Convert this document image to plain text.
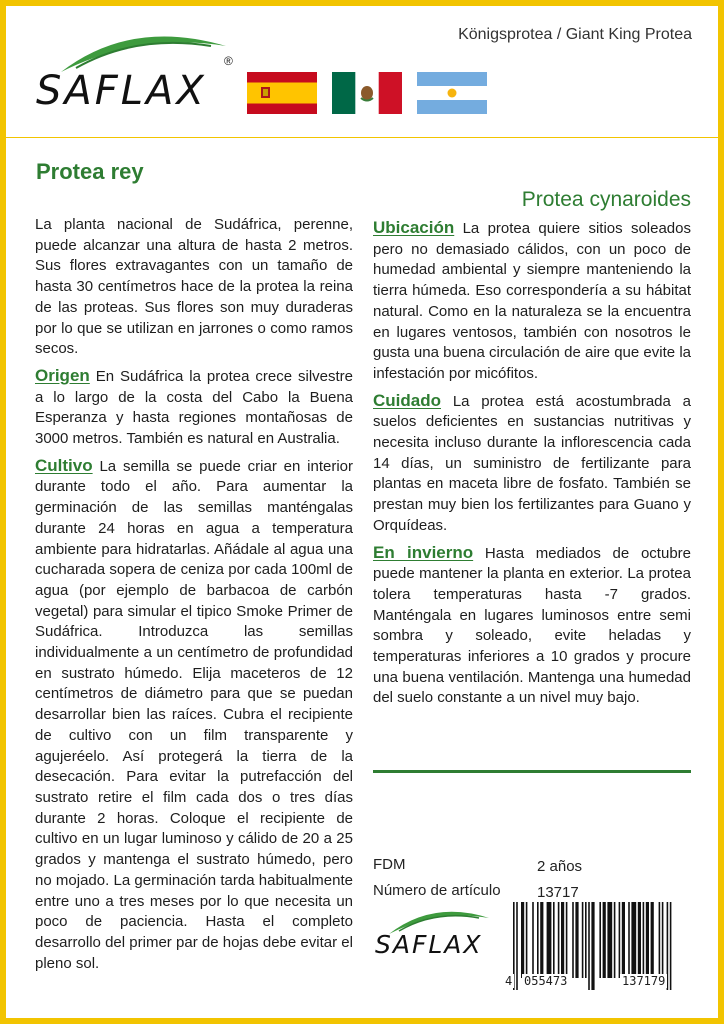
SAFLAX
®
Königsprotea / Giant King Protea
Protea rey
Protea cynaroides

La planta nacional de Sudáfrica, perenne, puede alcanzar una altura de hasta 2 metros. Sus flores extravagantes con un tamaño de hasta 30 centímetros hace de la protea la reina de las proteas. Sus flores son muy duraderas por lo que se utilizan en jarrones o como ramos secos.

Origen En Sudáfrica la protea crece silvestre a lo largo de la costa del Cabo la Buena Esperanza y hasta regiones montañosas de 3000 metros. También es natural en Australia.

Cultivo La semilla se puede criar en interior durante todo el año. Para aumentar la germinación de las semillas manténgalas durante 24 horas en agua a temperatura ambiente para hidratarlas. Añádale al agua una cucharada sopera de ceniza por cada 100ml de agua (por ejemplo de barbacoa de carbón vegetal) para simular el tipico Smoke Primer de Sudáfrica. Introduzca las semillas individualmente a un centímetro de profundidad en sustrato húmedo. Elija maceteros de 12 centímetros de diámetro para que se puedan desarrollar bien las raíces. Cubra el recipiente de cultivo con un film transparente y agujeréelo. Así protegerá la tierra de la desecación. Para evitar la putrefacción del sustrato retire el film cada dos o tres días durante 2 horas. Coloque el recipiente de cultivo en un lugar luminoso y cálido de 20 a 25 grados y mantenga el sustrato húmedo, pero no mojado. La germinación tarda habitualmente entre uno a tres meses por lo que necesita un poco de paciencia. Hasta el completo desarrollo del primer par de hojas debe evitar el pleno sol.

Ubicación La protea quiere sitios soleados pero no demasiado cálidos, con un poco de humedad ambiental y siempre manteniendo la tierra húmeda. Eso correspondería a su hábitat natural. Como en la naturaleza se la encuentra en lugares ventosos, también con nosotros le gusta una buena circulación de aire que evite la infestación por micófitos.

Cuidado La protea está acostumbrada a suelos deficientes en sustancias nutritivas y necesita incluso durante la inflorescencia cada 14 días, un suministro de fertilizante para plantas en maceta libre de fosfato. También se prestan muy bien los fertilizantes para Guano y Orquídeas.

En invierno Hasta mediados de octubre puede mantener la planta en exterior. La protea tolera temperaturas hasta -7 grados. Manténgala en lugares luminosos entre semi sombra y soleado, evite heladas y temperaturas inferiores a 10 grados y procure una buena ventilación. Mantenga una humedad del suelo constante a un nivel muy bajo.

FDM	2 años
Número de artículo 13717
SAFLAX
4 055473	137179
